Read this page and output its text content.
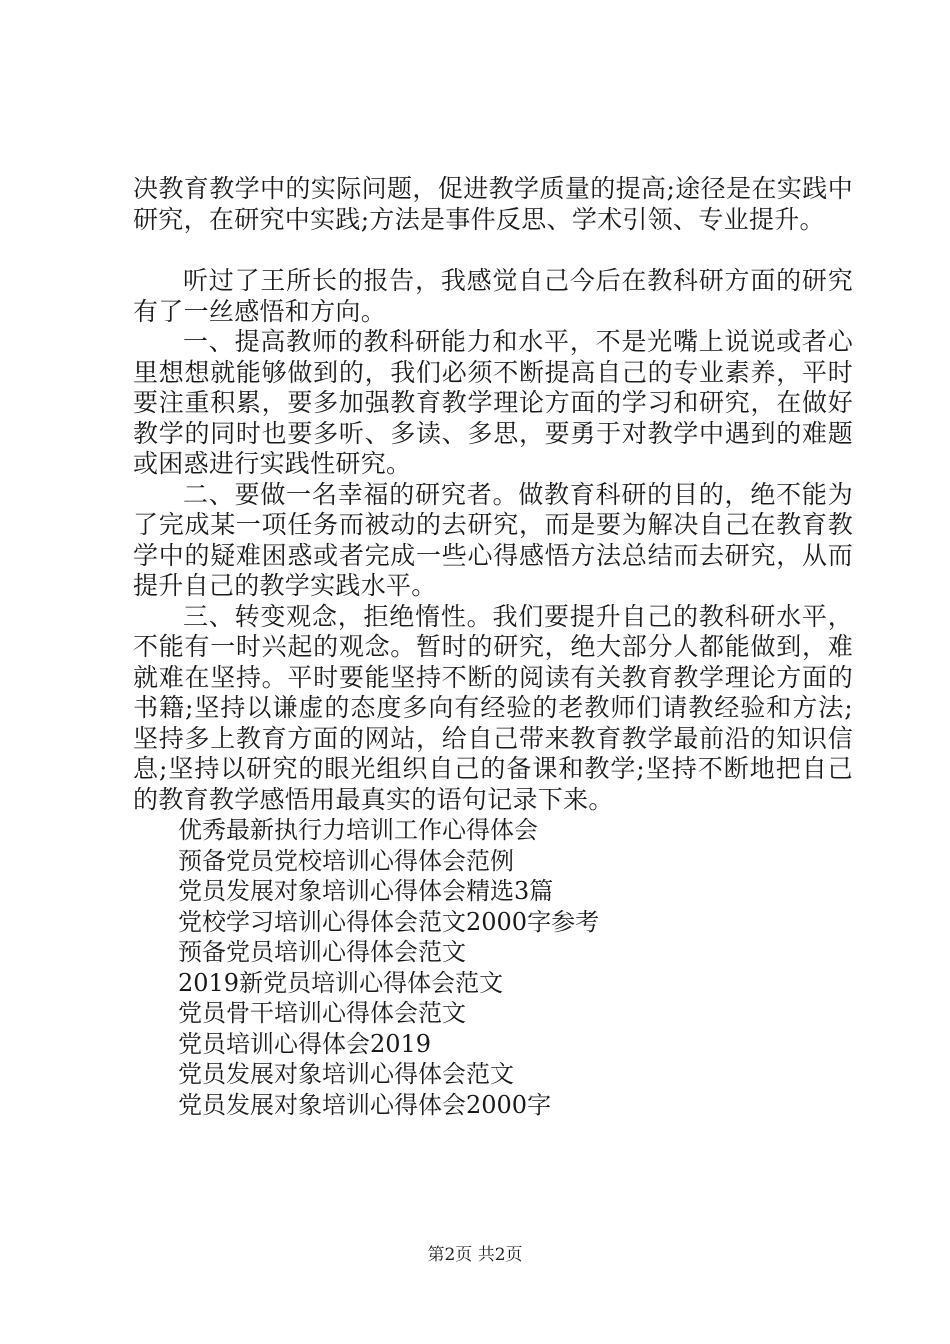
决教育教学中的实际问题，促进教学质量的提高;途径是在实践中研究，在研究中实践;方法是事件反思、学术引领、专业提升。

听过了王所长的报告，我感觉自己今后在教科研方面的研究有了一丝感悟和方向。

一、提高教师的教科研能力和水平，不是光嘴上说说或者心里想想就能够做到的，我们必须不断提高自己的专业素养，平时要注重积累，要多加强教育教学理论方面的学习和研究，在做好教学的同时也要多听、多读、多思，要勇于对教学中遇到的难题或困惑进行实践性研究。

二、要做一名幸福的研究者。做教育科研的目的，绝不能为了完成某一项任务而被动的去研究，而是要为解决自己在教育教学中的疑难困惑或者完成一些心得感悟方法总结而去研究，从而提升自己的教学实践水平。

三、转变观念，拒绝惰性。我们要提升自己的教科研水平，不能有一时兴起的观念。暂时的研究，绝大部分人都能做到，难就难在坚持。平时要能坚持不断的阅读有关教育教学理论方面的书籍;坚持以谦虚的态度多向有经验的老教师们请教经验和方法;坚持多上教育方面的网站，给自己带来教育教学最前沿的知识信息;坚持以研究的眼光组织自己的备课和教学;坚持不断地把自己的教育教学感悟用最真实的语句记录下来。

优秀最新执行力培训工作心得体会
预备党员党校培训心得体会范例
党员发展对象培训心得体会精选3篇
党校学习培训心得体会范文2000字参考
预备党员培训心得体会范文
2019新党员培训心得体会范文
党员骨干培训心得体会范文
党员培训心得体会2019
党员发展对象培训心得体会范文
党员发展对象培训心得体会2000字
第2页 共2页
